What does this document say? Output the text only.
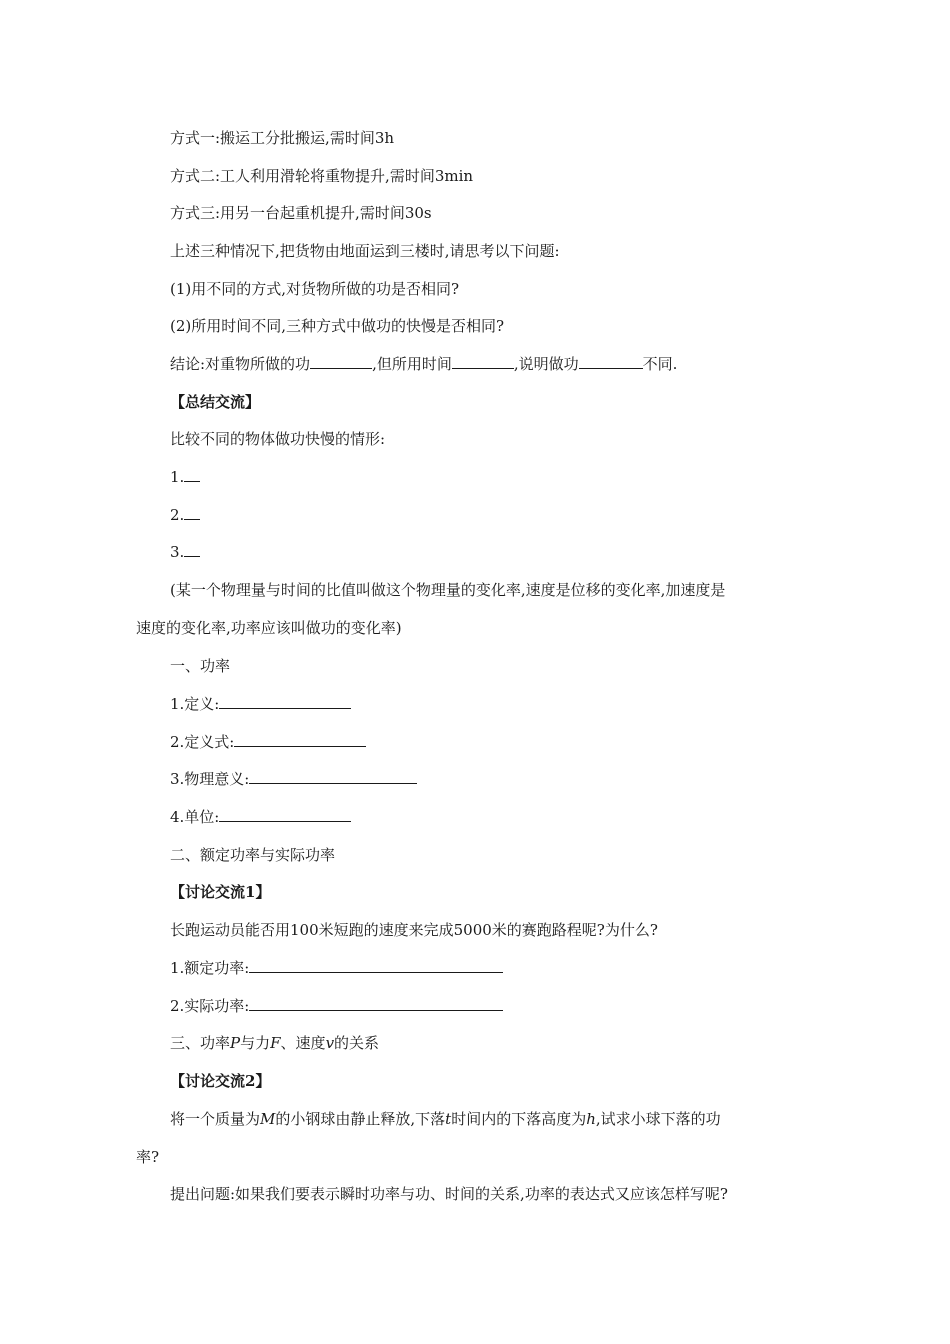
方式一:搬运工分批搬运,需时间3h
方式二:工人利用滑轮将重物提升,需时间3min
方式三:用另一台起重机提升,需时间30s
上述三种情况下,把货物由地面运到三楼时,请思考以下问题:
(1)用不同的方式,对货物所做的功是否相同?
(2)所用时间不同,三种方式中做功的快慢是否相同?
结论:对重物所做的功	,但所用时间	,说明做功	不同.
【总结交流】
比较不同的物体做功快慢的情形:
1.
2.
3.
(某一个物理量与时间的比值叫做这个物理量的变化率,速度是位移的变化率,加速度是
速度的变化率,功率应该叫做功的变化率)
一、功率
1.定义:
2.定义式:
3.物理意义:
4.单位:
二、额定功率与实际功率
【讨论交流1】
长跑运动员能否用100米短跑的速度来完成5000米的赛跑路程呢?为什么?
1.额定功率:
2.实际功率:
三、功率P与力F、速度v的关系
【讨论交流2】
将一个质量为M的小钢球由静止释放,下落t时间内的下落高度为h,试求小球下落的功
率?
提出问题:如果我们要表示瞬时功率与功、时间的关系,功率的表达式又应该怎样写呢?
